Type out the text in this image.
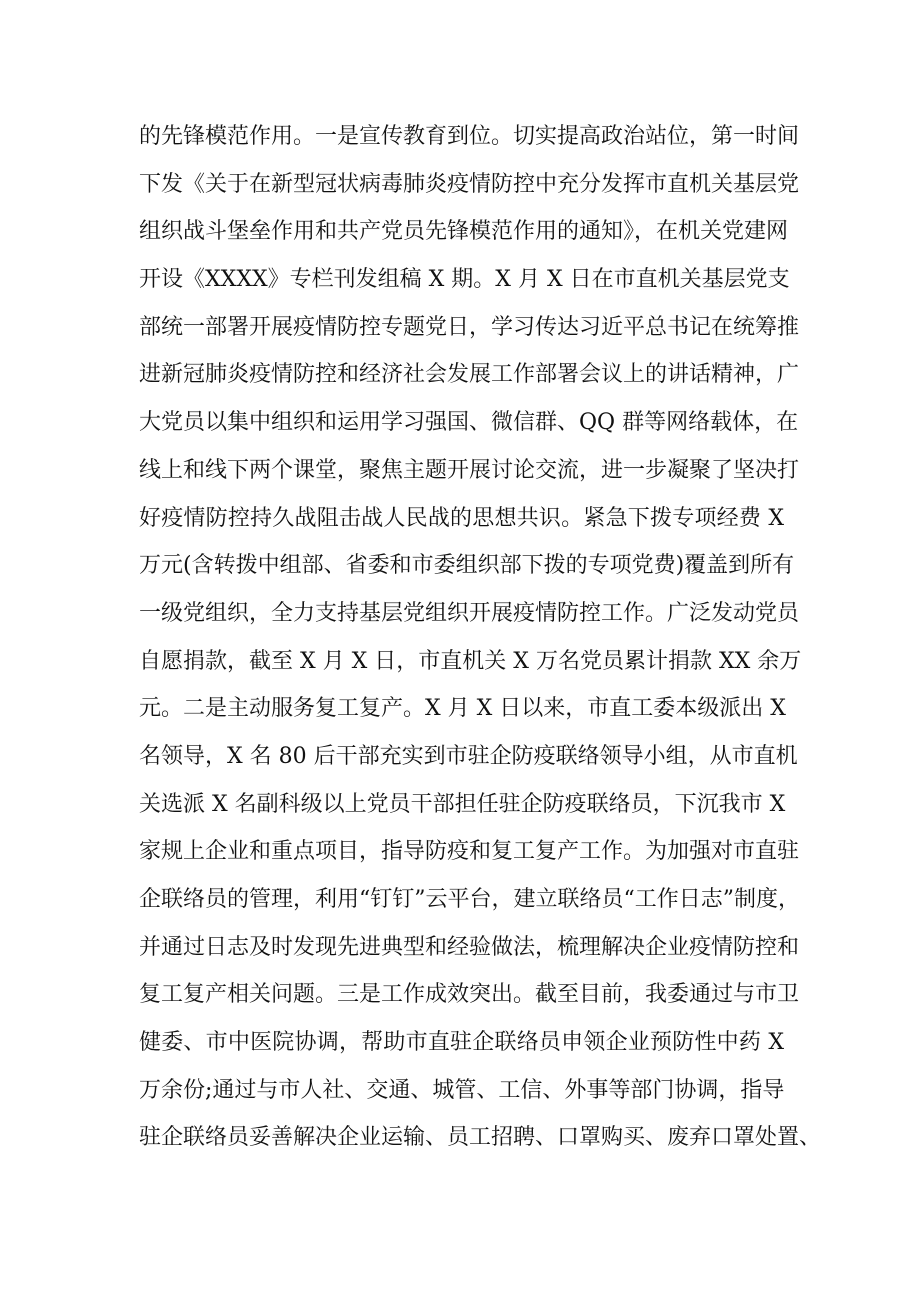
的先锋模范作用。一是宣传教育到位。切实提高政治站位，第一时间
下发《关于在新型冠状病毒肺炎疫情防控中充分发挥市直机关基层党
组织战斗堡垒作用和共产党员先锋模范作用的通知》，在机关党建网
开设《XXXX》专栏刊发组稿 X 期。X 月 X 日在市直机关基层党支
部统一部署开展疫情防控专题党日，学习传达习近平总书记在统筹推
进新冠肺炎疫情防控和经济社会发展工作部署会议上的讲话精神，广
大党员以集中组织和运用学习强国、微信群、QQ 群等网络载体，在
线上和线下两个课堂，聚焦主题开展讨论交流，进一步凝聚了坚决打
好疫情防控持久战阻击战人民战的思想共识。紧急下拨专项经费 X
万元(含转拨中组部、省委和市委组织部下拨的专项党费)覆盖到所有
一级党组织，全力支持基层党组织开展疫情防控工作。广泛发动党员
自愿捐款，截至 X 月 X 日，市直机关 X 万名党员累计捐款 XX 余万
元。二是主动服务复工复产。X 月 X 日以来，市直工委本级派出 X
名领导，X 名 80 后干部充实到市驻企防疫联络领导小组，从市直机
关选派 X 名副科级以上党员干部担任驻企防疫联络员，下沉我市 X
家规上企业和重点项目，指导防疫和复工复产工作。为加强对市直驻
企联络员的管理，利用“钉钉”云平台，建立联络员“工作日志”制度，
并通过日志及时发现先进典型和经验做法，梳理解决企业疫情防控和
复工复产相关问题。三是工作成效突出。截至目前，我委通过与市卫
健委、市中医院协调，帮助市直驻企联络员申领企业预防性中药 X
万余份;通过与市人社、交通、城管、工信、外事等部门协调，指导
驻企联络员妥善解决企业运输、员工招聘、口罩购买、废弃口罩处置、
